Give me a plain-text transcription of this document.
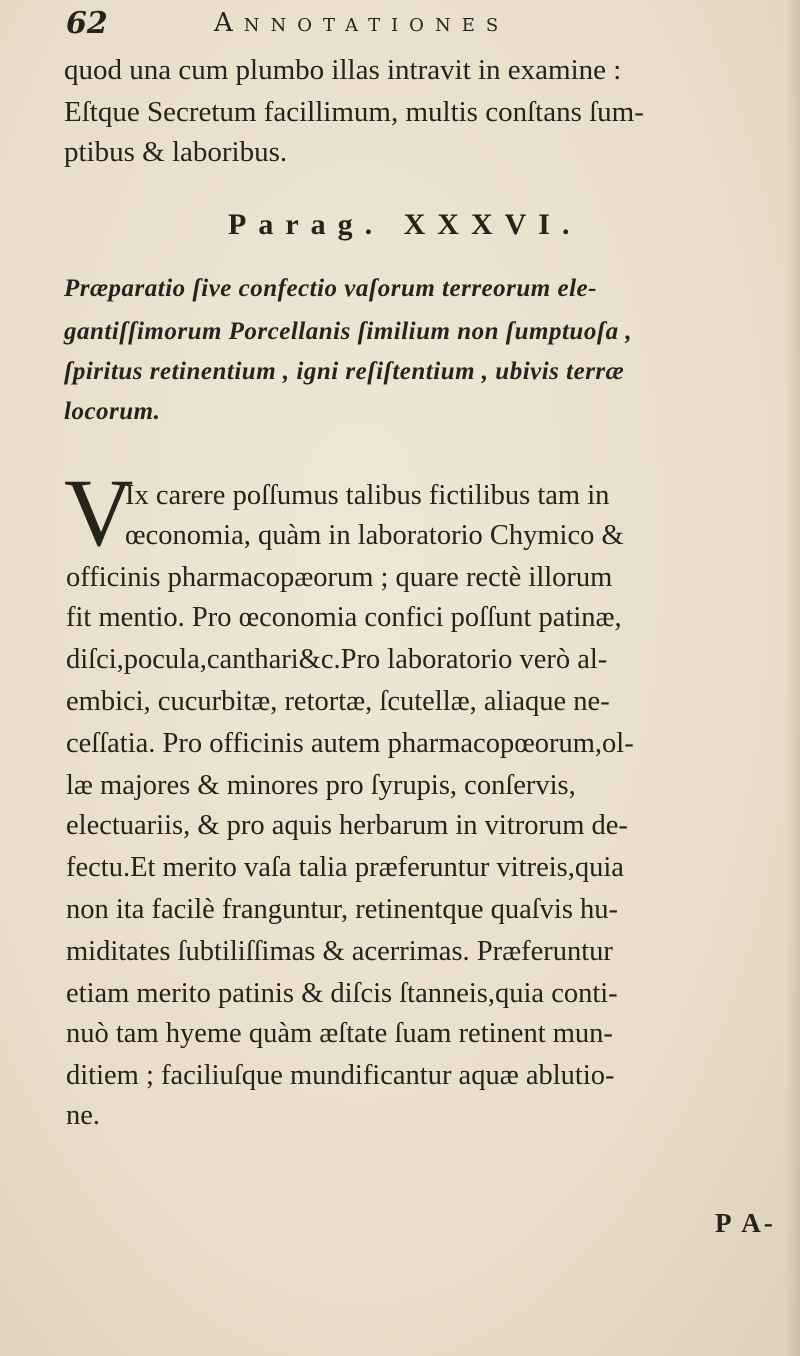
62	Annotationes
quod una cum plumbo illas intravit in examine :
Eſtque Secretum facillimum, multis conſtans ſum-
ptibus & laboribus.
Parag. XXXVI.
Præparatio ſive confectio vaſorum terreorum ele-
gantiſſimorum Porcellanis ſimilium non ſumptuoſa ,
ſpiritus retinentium , igni reſiſtentium , ubivis terræ
locorum.
V
Ix carere poſſumus talibus fictilibus tam in
œconomia, quàm in laboratorio Chymico &
officinis pharmacopæorum ; quare rectè illorum
fit mentio. Pro œconomia confici poſſunt patinæ,
diſci,pocula,canthari&c.Pro laboratorio verò al-
embici, cucurbitæ, retortæ, ſcutellæ, aliaque ne-
ceſſatia. Pro officinis autem pharmacopœorum,ol-
læ majores & minores pro ſyrupis, conſervis,
electuariis, & pro aquis herbarum in vitrorum de-
fectu.Et merito vaſa talia præferuntur vitreis,quia
non ita facilè franguntur, retinentque quaſvis hu-
miditates ſubtiliſſimas & acerrimas. Præferuntur
etiam merito patinis & diſcis ſtanneis,quia conti-
nuò tam hyeme quàm æſtate ſuam retinent mun-
ditiem ; faciliuſque mundificantur aquæ ablutio-
ne.
P A-
